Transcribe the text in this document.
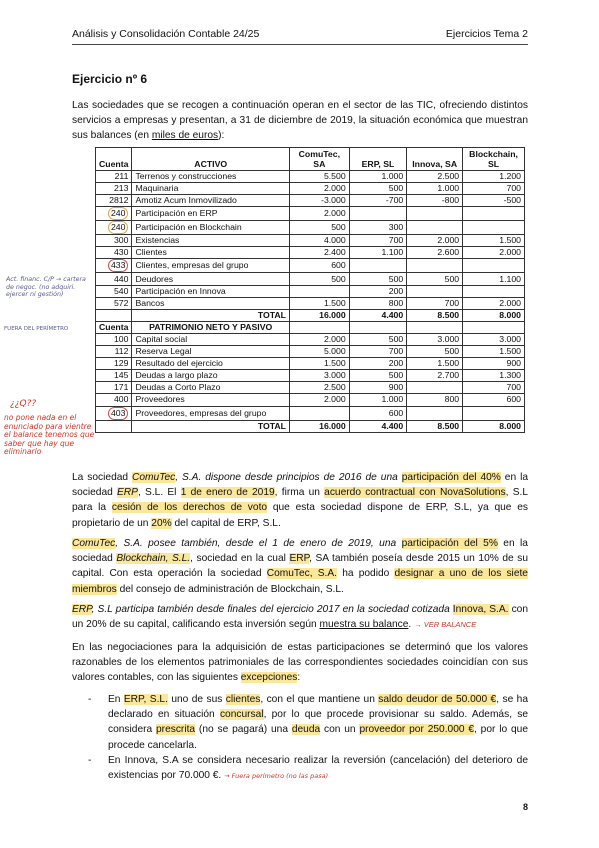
Análisis y Consolidación Contable 24/25	Ejercicios Tema 2
Ejercicio nº 6
Las sociedades que se recogen a continuación operan en el sector de las TIC, ofreciendo distintos servicios a empresas y presentan, a 31 de diciembre de 2019, la situación económica que muestran sus balances (en miles de euros):
Cuenta	ACTIVO	ComuTec, SA	ERP, SL	Innova, SA	Blockchain, SL
211	Terrenos y construcciones	5.500	1.000	2.500	1.200
213	Maquinaria	2.000	500	1.000	700
2812	Amotiz Acum Inmovilizado	-3.000	-700	-800	-500
240	Participación en ERP	2.000			
240	Participación en Blockchain	500	300		
300	Existencias	4.000	700	2.000	1.500
430	Clientes	2.400	1.100	2.600	2.000
433	Clientes, empresas del grupo	600			
440	Deudores	500	500	500	1.100
540	Participación en Innova		200		
572	Bancos	1.500	800	700	2.000
	TOTAL	16.000	4.400	8.500	8.000
Cuenta	PATRIMONIO NETO Y PASIVO				
100	Capital social	2.000	500	3.000	3.000
112	Reserva Legal	5.000	700	500	1.500
129	Resultado del ejercicio	1.500	200	1.500	900
145	Deudas a largo plazo	3.000	500	2.700	1.300
171	Deudas a Corto Plazo	2.500	900		700
400	Proveedores	2.000	1.000	800	600
403	Proveedores, empresas del grupo		600		
	TOTAL	16.000	4.400	8.500	8.000
Act. financ. C/P → cartera de negoc. (no adquiri. ejercer ni gestión)
FUERA DEL PERÍMETRO
¿¿Q??
no pone nada en el enunciado para vientre el balance tenemos que saber que hay que eliminarlo
La sociedad ComuTec, S.A. dispone desde principios de 2016 de una participación del 40% en la sociedad ERP, S.L. El 1 de enero de 2019, firma un acuerdo contractual con NovaSolutions, S.L para la cesión de los derechos de voto que esta sociedad dispone de ERP, S.L, ya que es propietario de un 20% del capital de ERP, S.L.
ComuTec, S.A. posee también, desde el 1 de enero de 2019, una participación del 5% en la sociedad Blockchain, S.L., sociedad en la cual ERP, SA también poseía desde 2015 un 10% de su capital. Con esta operación la sociedad ComuTec, S.A. ha podido designar a uno de los siete miembros del consejo de administración de Blockchain, S.L.
ERP, S.L participa también desde finales del ejercicio 2017 en la sociedad cotizada Innova, S.A. con un 20% de su capital, calificando esta inversión según muestra su balance. → VER BALANCE
En las negociaciones para la adquisición de estas participaciones se determinó que los valores razonables de los elementos patrimoniales de las correspondientes sociedades coincidían con sus valores contables, con las siguientes excepciones:
- En ERP, S.L. uno de sus clientes, con el que mantiene un saldo deudor de 50.000 €, se ha declarado en situación concursal, por lo que procede provisionar su saldo. Además, se considera prescrita (no se pagará) una deuda con un proveedor por 250.000 €, por lo que procede cancelarla.
- En Innova, S.A se considera necesario realizar la reversión (cancelación) del deterioro de existencias por 70.000 €. → Fuera perímetro (no las pasa)
8
